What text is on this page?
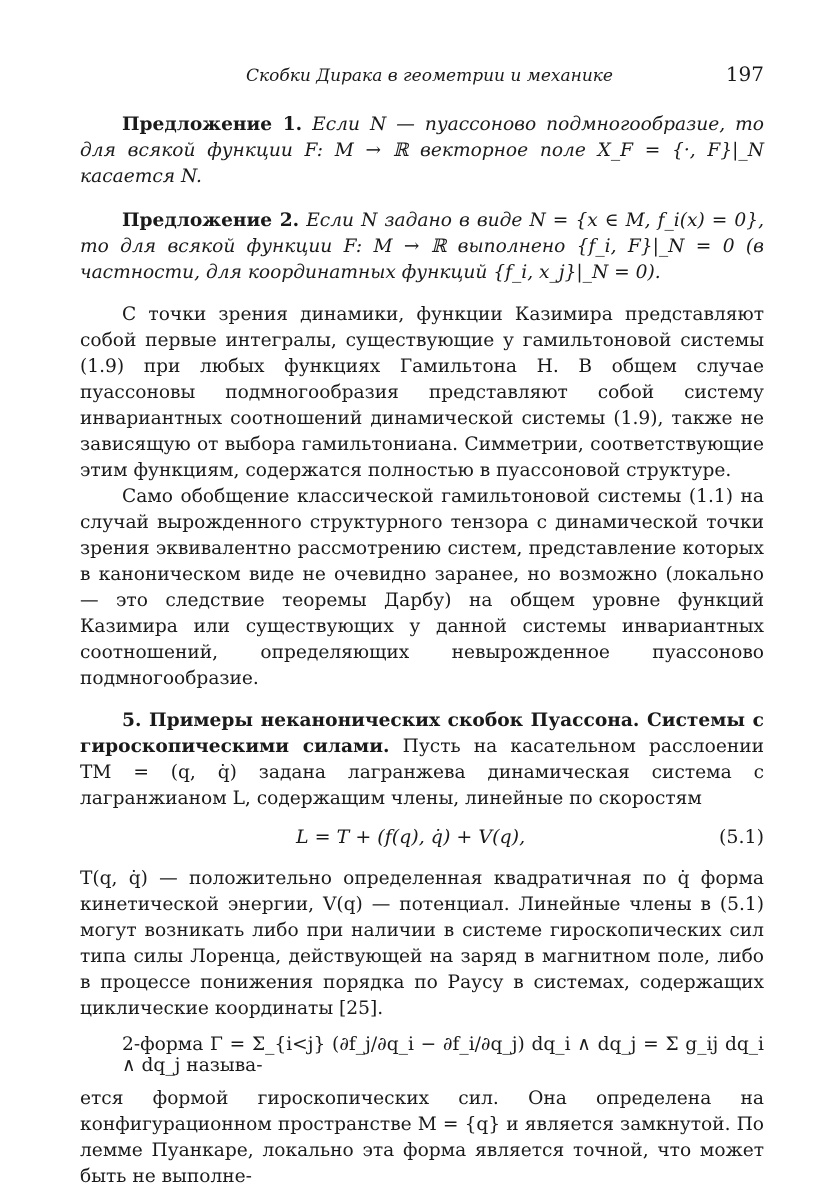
Скобки Дирака в геометрии и механике	197

Предложение 1. Если N — пуассоново подмногообразие, то для всякой функции F: M → ℝ векторное поле X_F = {·, F}|_N касается N.

Предложение 2. Если N задано в виде N = {x ∈ M, f_i(x) = 0}, то для всякой функции F: M → ℝ выполнено {f_i, F}|_N = 0 (в частности, для координатных функций {f_i, x_j}|_N = 0).

С точки зрения динамики, функции Казимира представляют собой первые интегралы, существующие у гамильтоновой системы (1.9) при любых функциях Гамильтона H. В общем случае пуассоновы подмногообразия представляют собой систему инвариантных соотношений динамической системы (1.9), также не зависящую от выбора гамильтониана. Симметрии, соответствующие этим функциям, содержатся полностью в пуассоновой структуре.

Само обобщение классической гамильтоновой системы (1.1) на случай вырожденного структурного тензора с динамической точки зрения эквивалентно рассмотрению систем, представление которых в каноническом виде не очевидно заранее, но возможно (локально — это следствие теоремы Дарбу) на общем уровне функций Казимира или существующих у данной системы инвариантных соотношений, определяющих невырожденное пуассоново подмногообразие.

5. Примеры неканонических скобок Пуассона. Системы с гироскопическими силами. Пусть на касательном расслоении TM = (q, q̇) задана лагранжева динамическая система с лагранжианом L, содержащим члены, линейные по скоростям

L = T + (f(q), q̇) + V(q),	(5.1)

T(q, q̇) — положительно определенная квадратичная по q̇ форма кинетической энергии, V(q) — потенциал. Линейные члены в (5.1) могут возникать либо при наличии в системе гироскопических сил типа силы Лоренца, действующей на заряд в магнитном поле, либо в процессе понижения порядка по Раусу в системах, содержащих циклические координаты [25].

2-форма Γ = Σ_{i<j} (∂f_j/∂q_i − ∂f_i/∂q_j) dq_i ∧ dq_j = Σ g_ij dq_i ∧ dq_j называ-

ется формой гироскопических сил. Она определена на конфигурационном пространстве M = {q} и является замкнутой. По лемме Пуанкаре, локально эта форма является точной, что может быть не выполне-
